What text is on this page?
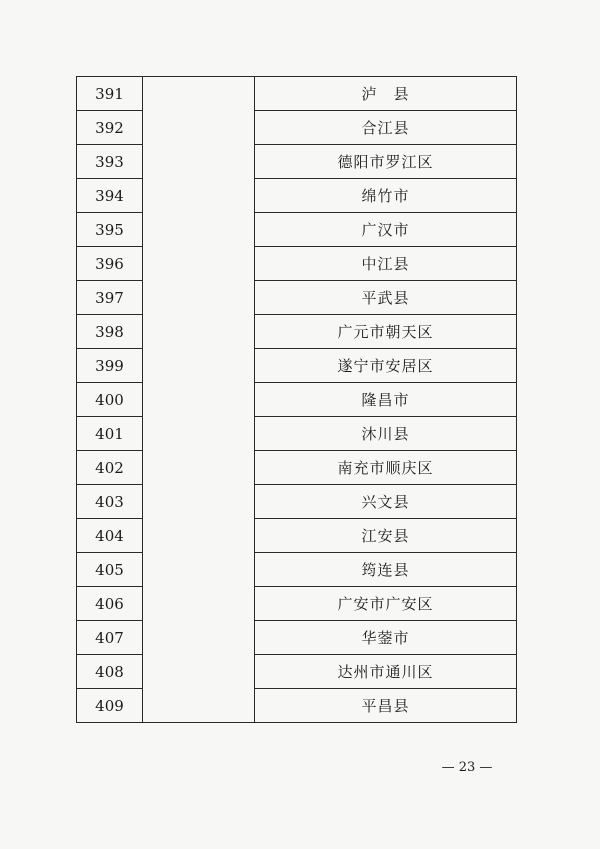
391		泸　县
392		合江县
393		德阳市罗江区
394		绵竹市
395		广汉市
396		中江县
397		平武县
398		广元市朝天区
399		遂宁市安居区
400		隆昌市
401		沐川县
402		南充市顺庆区
403		兴文县
404		江安县
405		筠连县
406		广安市广安区
407		华蓥市
408		达州市通川区
409		平昌县
— 23 —
